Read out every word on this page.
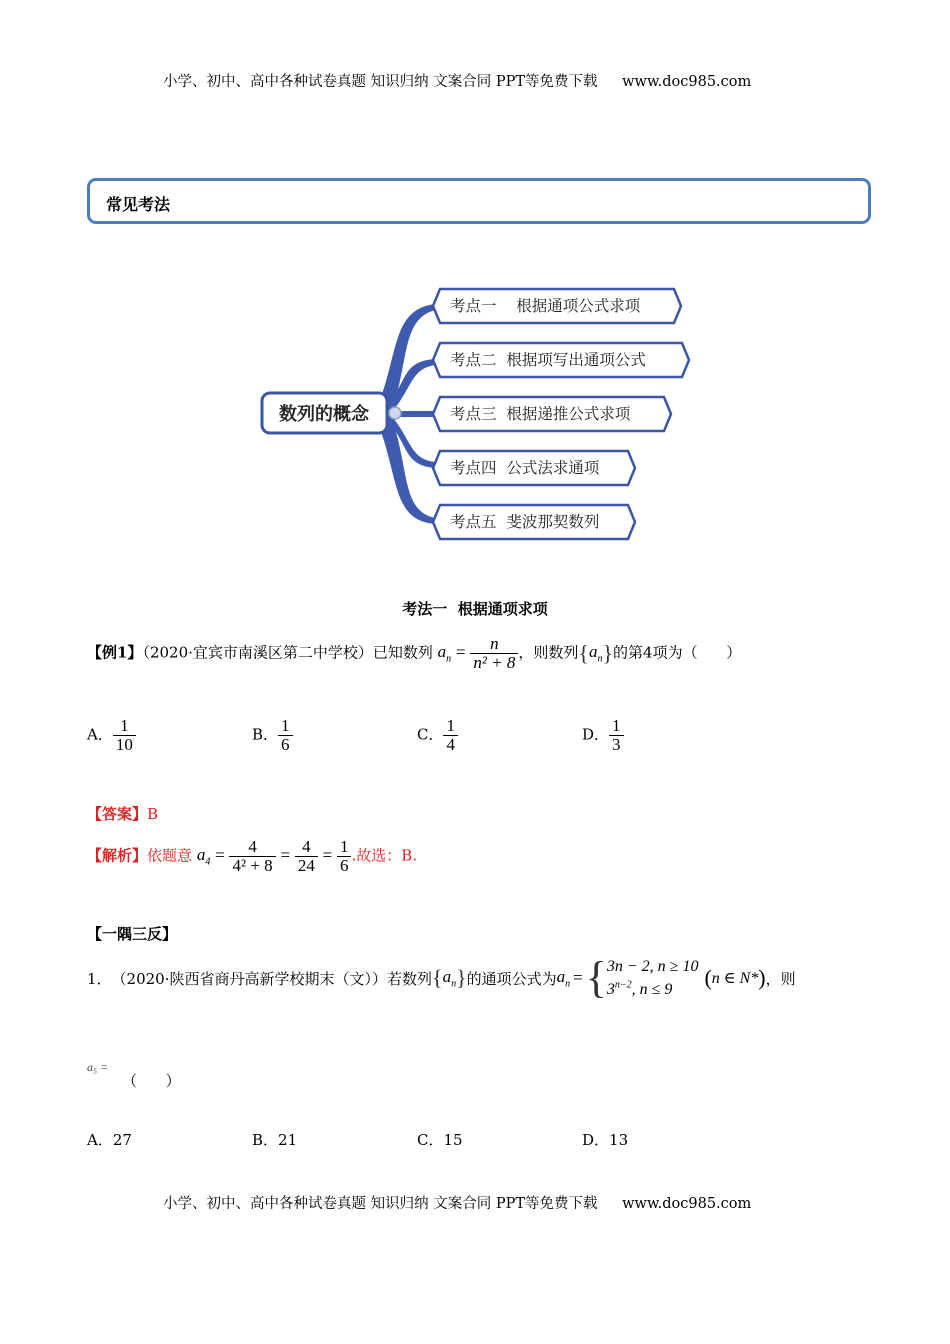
小学、初中、高中各种试卷真题 知识归纳 文案合同 PPT等免费下载 www.doc985.com
常见考法
数列的概念
考点一    根据通项公式求项
考点二  根据项写出通项公式
考点三  根据递推公式求项
考点四  公式法求通项
考点五  斐波那契数列
考法一  根据通项求项
【例1】（2020·宜宾市南溪区第二中学校）已知数列 $a_n = \frac{n}{\text{n² + 8}}$ ，则数列$\{a_n\}$的第4项为（      ）
A． $\frac{1}{10}$	B． $\frac{1}{6}$	C． $\frac{1}{4}$	D． $\frac{1}{3}$
【答案】B
【解析】依题意 $a_4 = \frac{4}{\text{4² + 8}} = \frac{4}{24} = \frac{1}{6}$ .故选：B.
【一隅三反】
1． （2020·陕西省商丹高新学校期末（文））若数列 { $a_n$ } 的通项公式为 $a_n$ = { 3n − 2, n ≥ 10
$3^{n-2}$, n ≤ 9	( n ∈ N* ) ，则
a₅ =
（      ）
A．27	B．21	C．15	D．13
小学、初中、高中各种试卷真题 知识归纳 文案合同 PPT等免费下载 www.doc985.com
